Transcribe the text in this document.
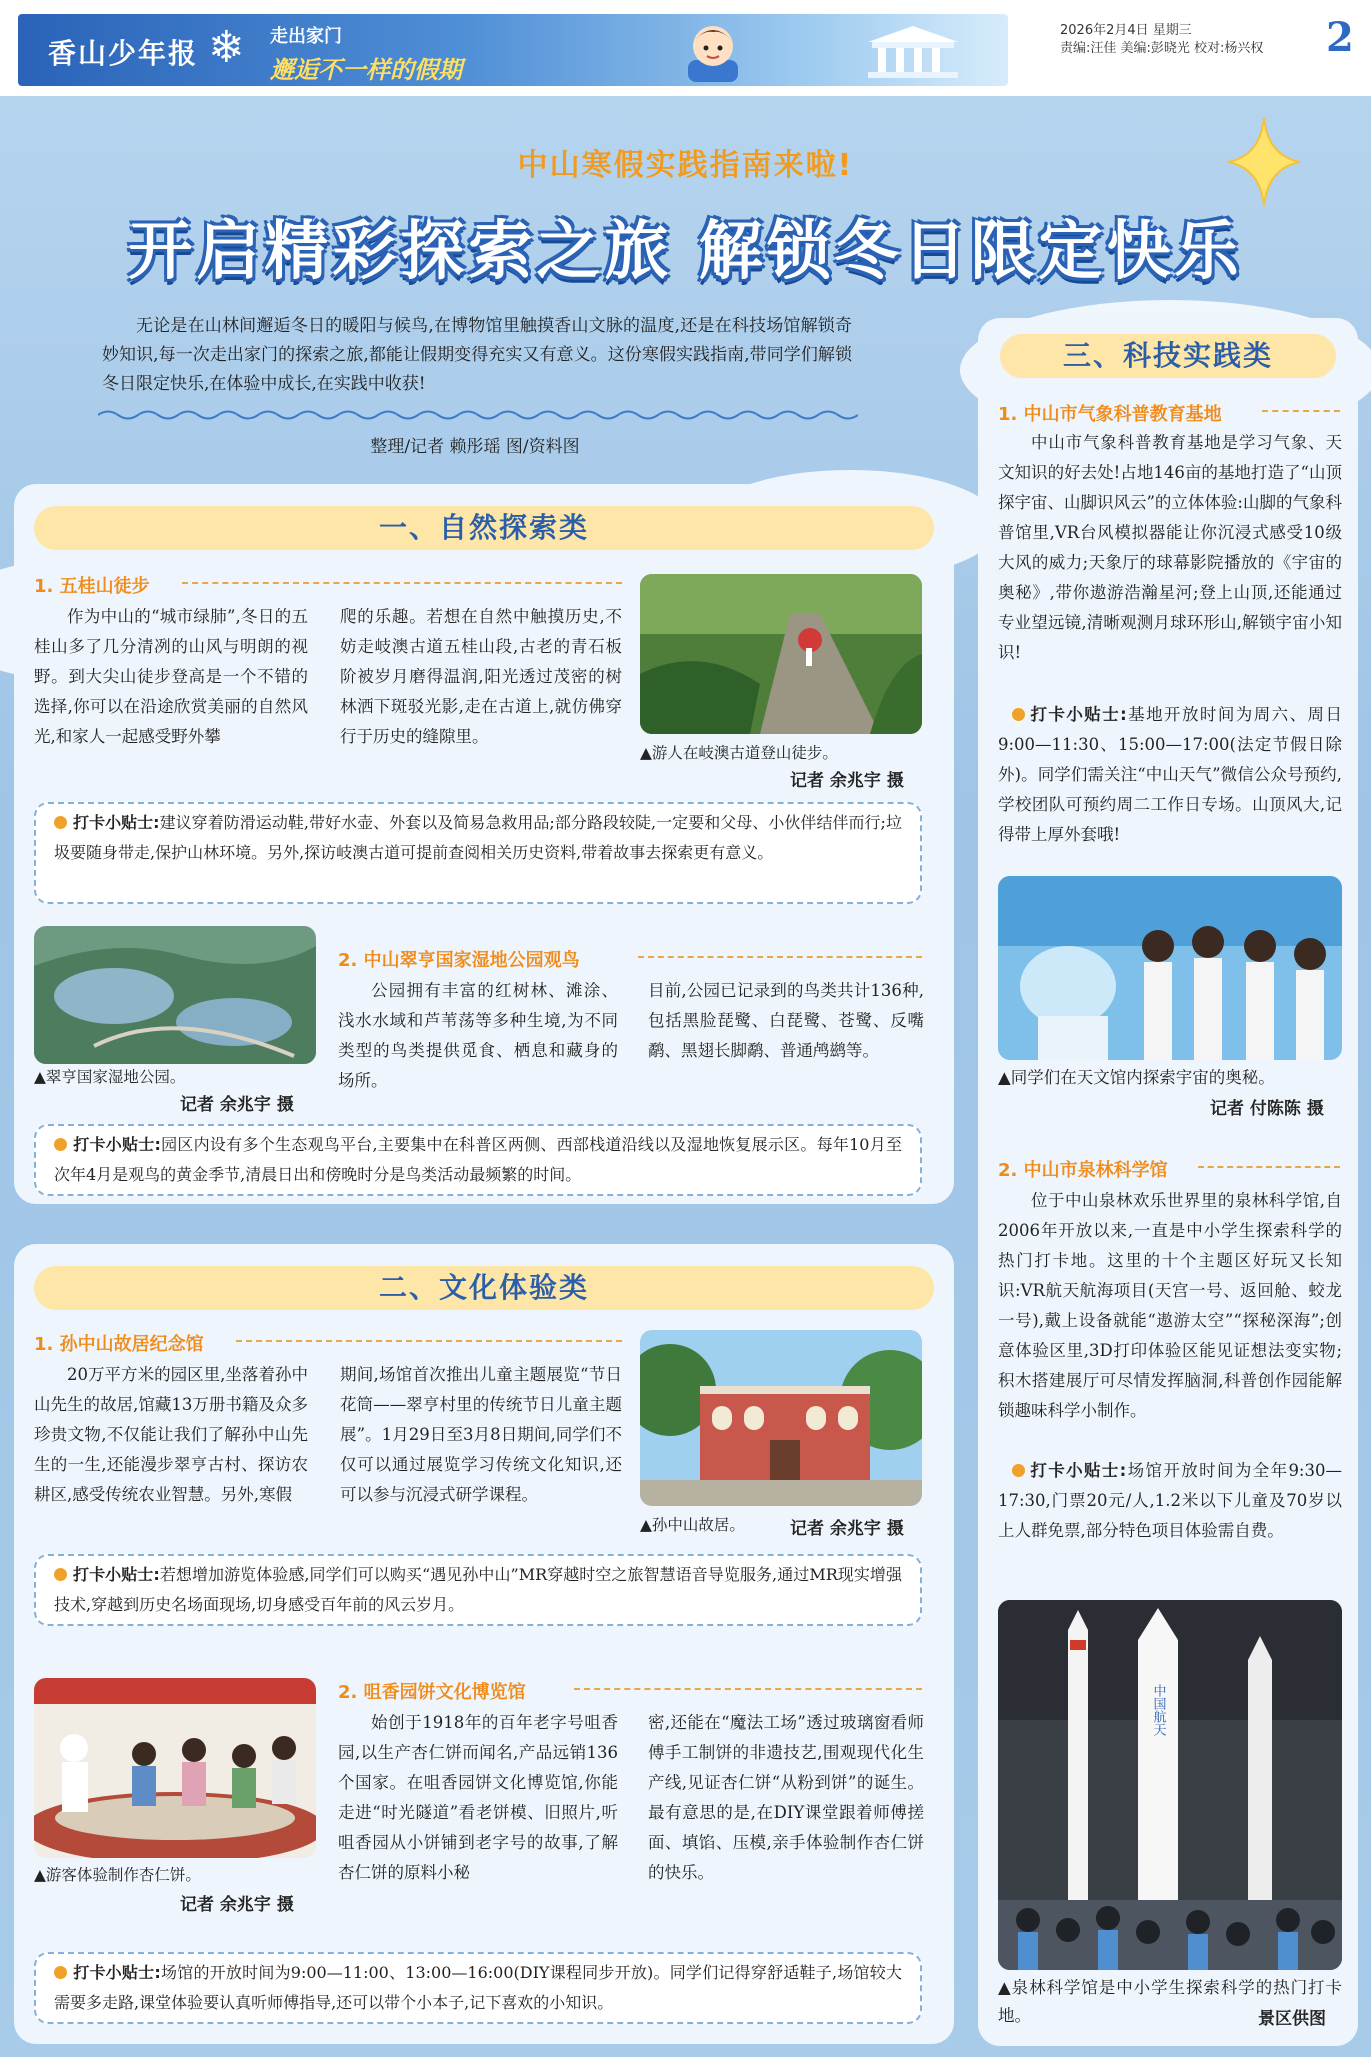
香山少年报 ❄ 走出家门
邂逅不一样的假期
2026年2月4日 星期三
责编:汪佳 美编:彭晓光 校对:杨兴权 2
中山寒假实践指南来啦!
开启精彩探索之旅 解锁冬日限定快乐
无论是在山林间邂逅冬日的暖阳与候鸟,在博物馆里触摸香山文脉的温度,还是在科技场馆解锁奇妙知识,每一次走出家门的探索之旅,都能让假期变得充实又有意义。这份寒假实践指南,带同学们解锁冬日限定快乐,在体验中成长,在实践中收获!
整理/记者 赖彤瑶 图/资料图
一、自然探索类
1. 五桂山徒步
作为中山的“城市绿肺”,冬日的五桂山多了几分清冽的山风与明朗的视野。到大尖山徒步登高是一个不错的选择,你可以在沿途欣赏美丽的自然风光,和家人一起感受野外攀
爬的乐趣。若想在自然中触摸历史,不妨走岐澳古道五桂山段,古老的青石板阶被岁月磨得温润,阳光透过茂密的树林洒下斑驳光影,走在古道上,就仿佛穿行于历史的缝隙里。
▲游人在岐澳古道登山徒步。
记者 余兆宇 摄
打卡小贴士:建议穿着防滑运动鞋,带好水壶、外套以及简易急救用品;部分路段较陡,一定要和父母、小伙伴结伴而行;垃圾要随身带走,保护山林环境。另外,探访岐澳古道可提前查阅相关历史资料,带着故事去探索更有意义。
▲翠亨国家湿地公园。
记者 余兆宇 摄
2. 中山翠亨国家湿地公园观鸟
公园拥有丰富的红树林、滩涂、浅水水域和芦苇荡等多种生境,为不同类型的鸟类提供觅食、栖息和藏身的场所。
目前,公园已记录到的鸟类共计136种,包括黑脸琵鹭、白琵鹭、苍鹭、反嘴鹬、黑翅长脚鹬、普通鸬鹚等。
打卡小贴士:园区内设有多个生态观鸟平台,主要集中在科普区两侧、西部栈道沿线以及湿地恢复展示区。每年10月至次年4月是观鸟的黄金季节,清晨日出和傍晚时分是鸟类活动最频繁的时间。
二、文化体验类
1. 孙中山故居纪念馆
20万平方米的园区里,坐落着孙中山先生的故居,馆藏13万册书籍及众多珍贵文物,不仅能让我们了解孙中山先生的一生,还能漫步翠亨古村、探访农耕区,感受传统农业智慧。另外,寒假
期间,场馆首次推出儿童主题展览“节日花筒——翠亨村里的传统节日儿童主题展”。1月29日至3月8日期间,同学们不仅可以通过展览学习传统文化知识,还可以参与沉浸式研学课程。
▲孙中山故居。	记者 余兆宇 摄
打卡小贴士:若想增加游览体验感,同学们可以购买“遇见孙中山”MR穿越时空之旅智慧语音导览服务,通过MR现实增强技术,穿越到历史名场面现场,切身感受百年前的风云岁月。
▲游客体验制作杏仁饼。
记者 余兆宇 摄
2. 咀香园饼文化博览馆
始创于1918年的百年老字号咀香园,以生产杏仁饼而闻名,产品远销136个国家。在咀香园饼文化博览馆,你能走进“时光隧道”看老饼模、旧照片,听咀香园从小饼铺到老字号的故事,了解杏仁饼的原料小秘
密,还能在“魔法工场”透过玻璃窗看师傅手工制饼的非遗技艺,围观现代化生产线,见证杏仁饼“从粉到饼”的诞生。最有意思的是,在DIY课堂跟着师傅搓面、填馅、压模,亲手体验制作杏仁饼的快乐。
打卡小贴士:场馆的开放时间为9:00—11:00、13:00—16:00(DIY课程同步开放)。同学们记得穿舒适鞋子,场馆较大需要多走路,课堂体验要认真听师傅指导,还可以带个小本子,记下喜欢的小知识。
三、科技实践类
1. 中山市气象科普教育基地
中山市气象科普教育基地是学习气象、天文知识的好去处!占地146亩的基地打造了“山顶探宇宙、山脚识风云”的立体体验:山脚的气象科普馆里,VR台风模拟器能让你沉浸式感受10级大风的威力;天象厅的球幕影院播放的《宇宙的奥秘》,带你遨游浩瀚星河;登上山顶,还能通过专业望远镜,清晰观测月球环形山,解锁宇宙小知识!
打卡小贴士:基地开放时间为周六、周日9:00—11:30、15:00—17:00(法定节假日除外)。同学们需关注“中山天气”微信公众号预约,学校团队可预约周二工作日专场。山顶风大,记得带上厚外套哦!
▲同学们在天文馆内探索宇宙的奥秘。
记者 付陈陈 摄
2. 中山市泉林科学馆
位于中山泉林欢乐世界里的泉林科学馆,自2006年开放以来,一直是中小学生探索科学的热门打卡地。这里的十个主题区好玩又长知识:VR航天航海项目(天宫一号、返回舱、蛟龙一号),戴上设备就能“遨游太空”“探秘深海”;创意体验区里,3D打印体验区能见证想法变实物;积木搭建展厅可尽情发挥脑洞,科普创作园能解锁趣味科学小制作。
打卡小贴士:场馆开放时间为全年9:30—17:30,门票20元/人,1.2米以下儿童及70岁以上人群免票,部分特色项目体验需自费。
中国航天
▲泉林科学馆是中小学生探索科学的热门打卡地。	景区供图
